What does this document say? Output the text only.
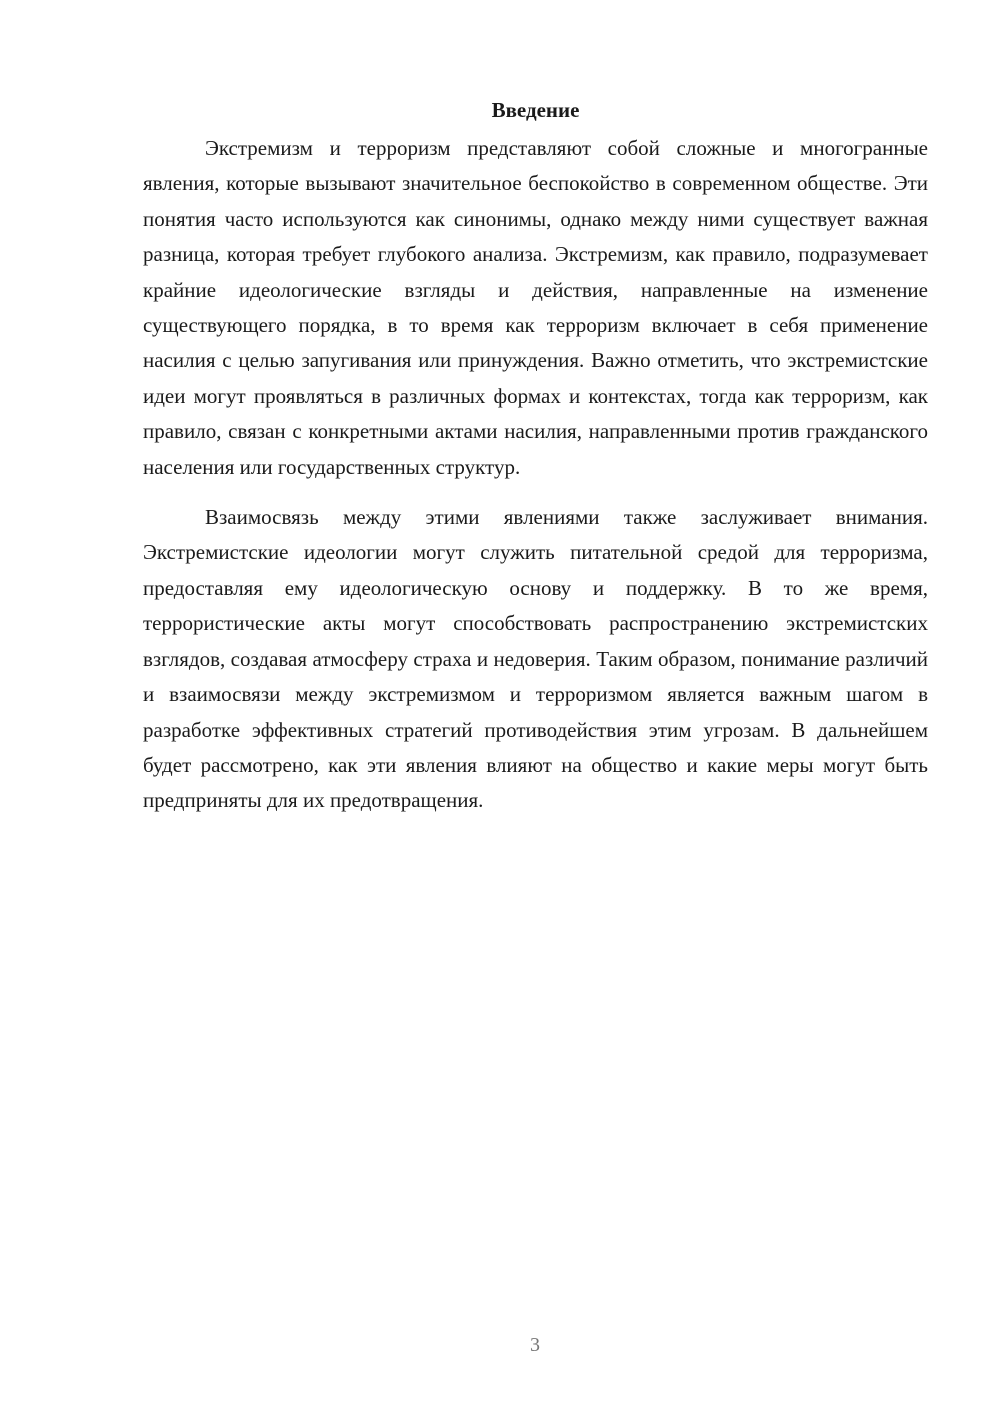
Введение

Экстремизм и терроризм представляют собой сложные и многогранные явления, которые вызывают значительное беспокойство в современном обществе. Эти понятия часто используются как синонимы, однако между ними существует важная разница, которая требует глубокого анализа. Экстремизм, как правило, подразумевает крайние идеологические взгляды и действия, направленные на изменение существующего порядка, в то время как терроризм включает в себя применение насилия с целью запугивания или принуждения. Важно отметить, что экстремистские идеи могут проявляться в различных формах и контекстах, тогда как терроризм, как правило, связан с конкретными актами насилия, направленными против гражданского населения или государственных структур.

Взаимосвязь между этими явлениями также заслуживает внимания. Экстремистские идеологии могут служить питательной средой для терроризма, предоставляя ему идеологическую основу и поддержку. В то же время, террористические акты могут способствовать распространению экстремистских взглядов, создавая атмосферу страха и недоверия. Таким образом, понимание различий и взаимосвязи между экстремизмом и терроризмом является важным шагом в разработке эффективных стратегий противодействия этим угрозам. В дальнейшем будет рассмотрено, как эти явления влияют на общество и какие меры могут быть предприняты для их предотвращения.

3
